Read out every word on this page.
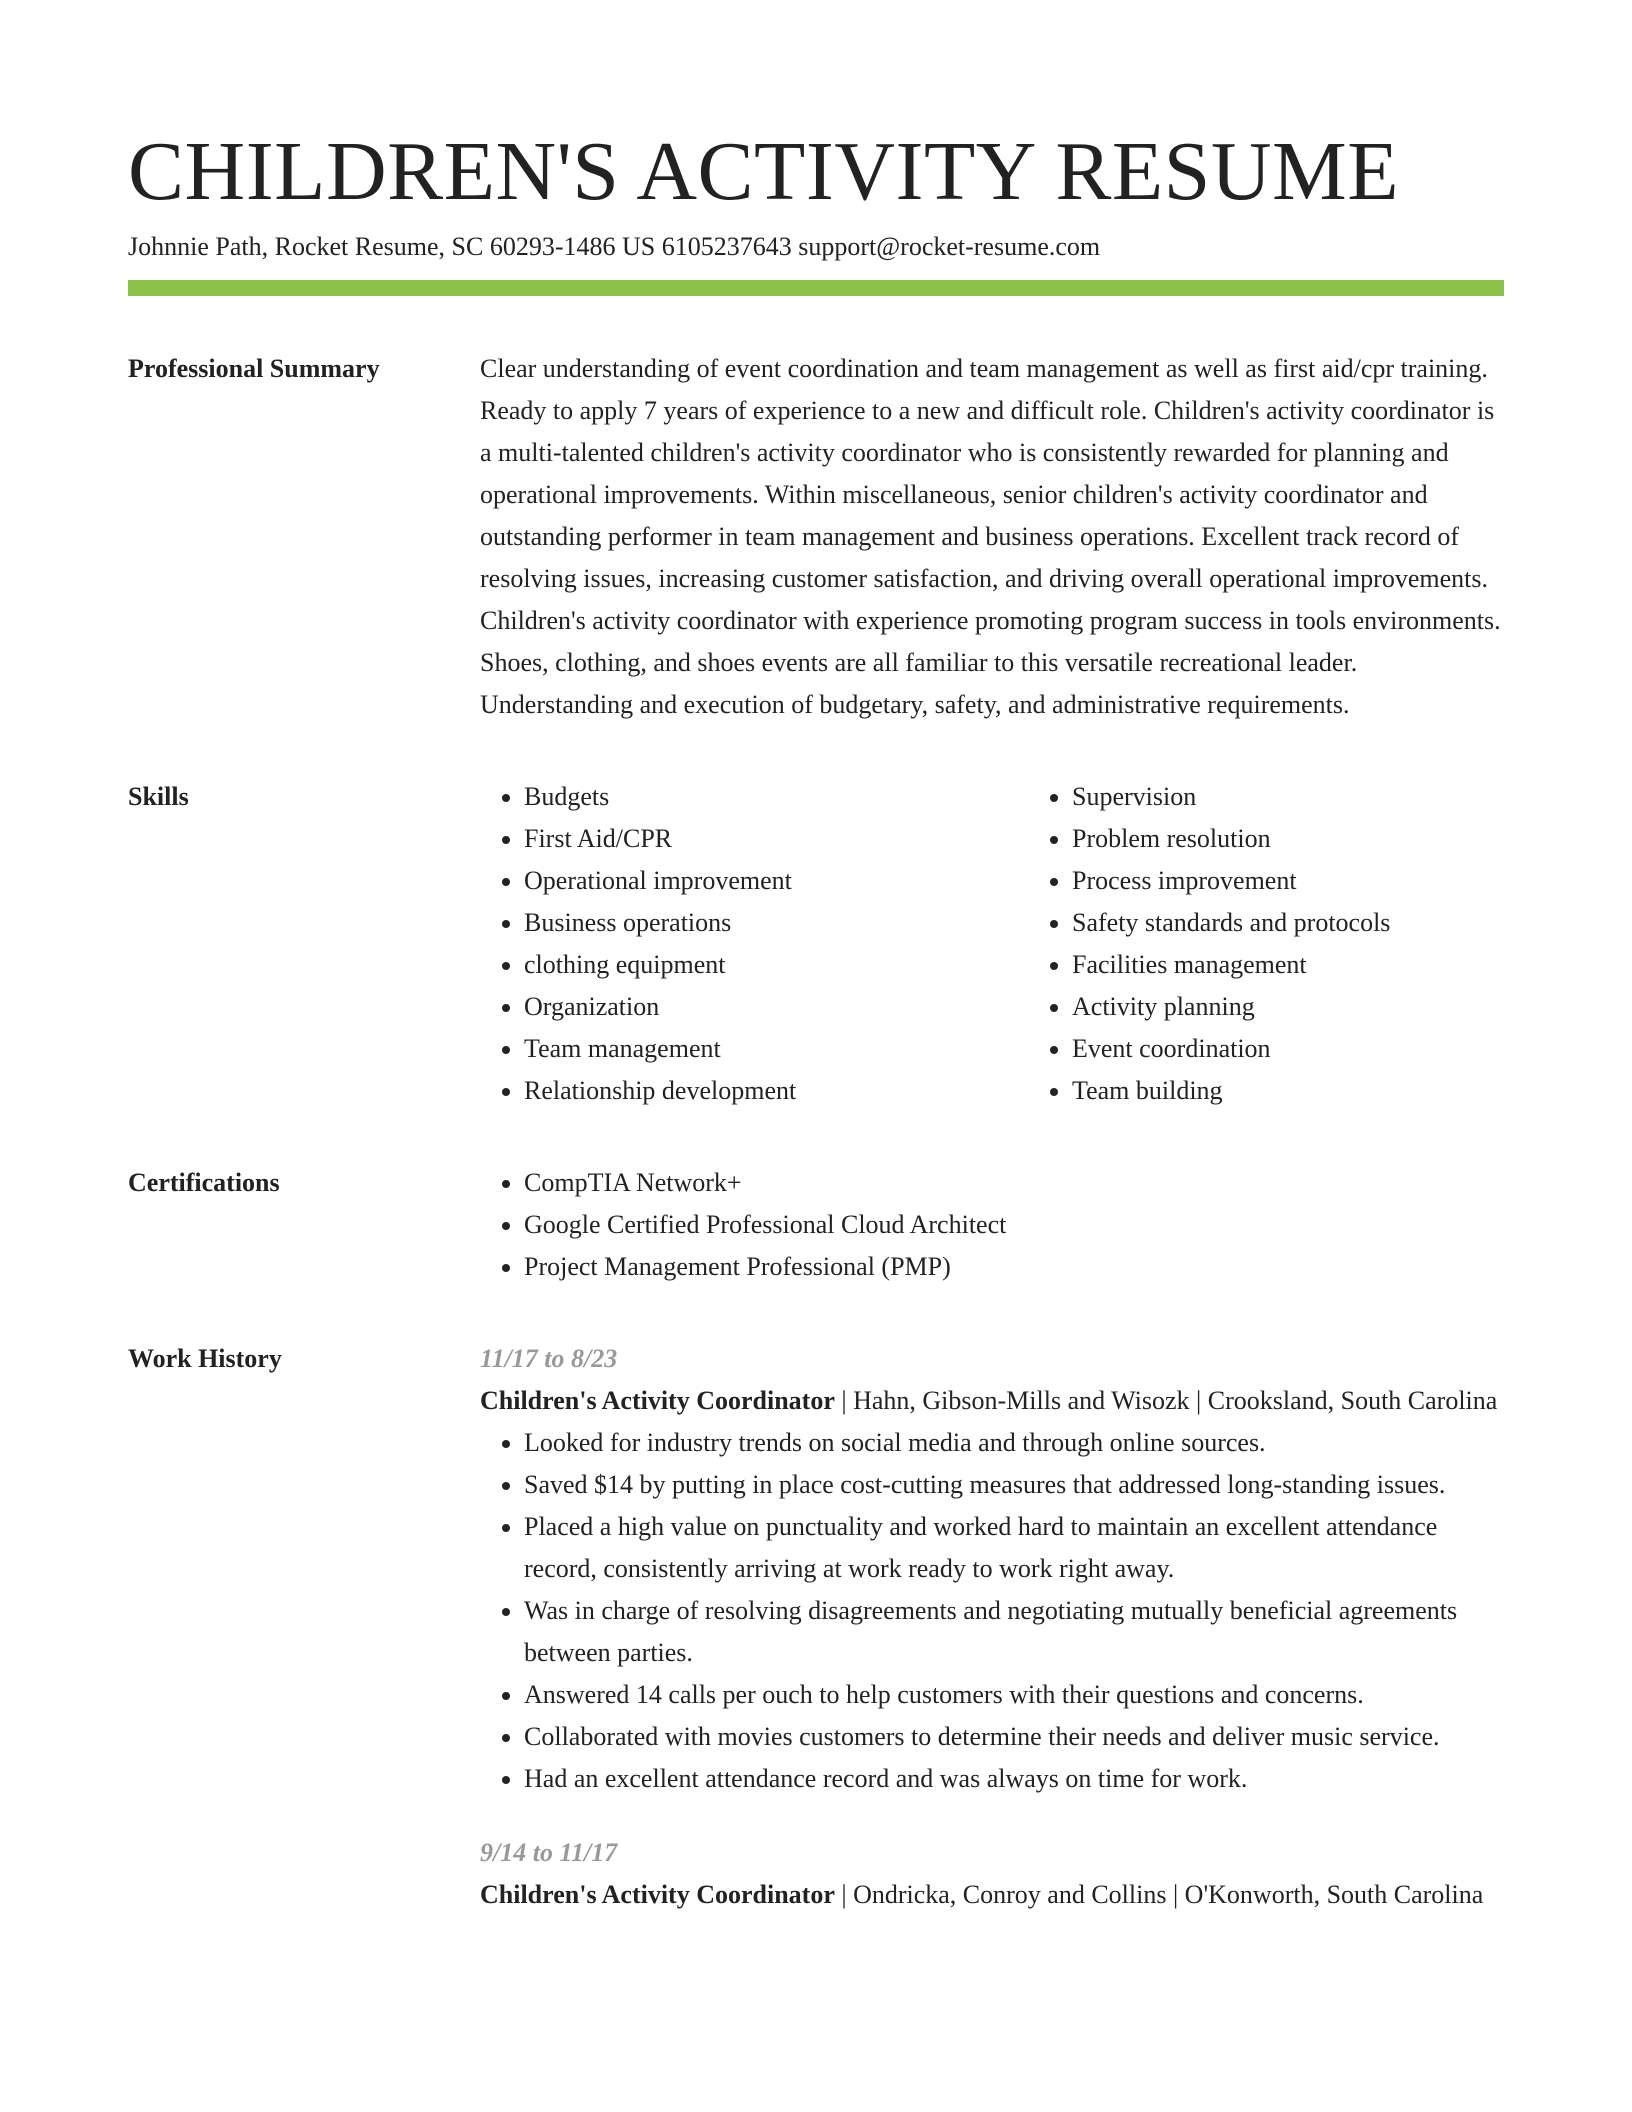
CHILDREN'S ACTIVITY RESUME
Johnnie Path, Rocket Resume, SC 60293-1486 US 6105237643 support@rocket-resume.com
Professional Summary	Clear understanding of event coordination and team management as well as first aid/cpr training. Ready to apply 7 years of experience to a new and difficult role. Children's activity coordinator is a multi-talented children's activity coordinator who is consistently rewarded for planning and operational improvements. Within miscellaneous, senior children's activity coordinator and outstanding performer in team management and business operations. Excellent track record of resolving issues, increasing customer satisfaction, and driving overall operational improvements. Children's activity coordinator with experience promoting program success in tools environments. Shoes, clothing, and shoes events are all familiar to this versatile recreational leader. Understanding and execution of budgetary, safety, and administrative requirements.

Skills	• Budgets
• First Aid/CPR
• Operational improvement
• Business operations
• clothing equipment
• Organization
• Team management
• Relationship development
• Supervision
• Problem resolution
• Process improvement
• Safety standards and protocols
• Facilities management
• Activity planning
• Event coordination
• Team building
Certifications	• CompTIA Network+
• Google Certified Professional Cloud Architect
• Project Management Professional (PMP)
Work History	11/17 to 8/23

Children's Activity Coordinator | Hahn, Gibson-Mills and Wisozk | Crooksland, South Carolina

• Looked for industry trends on social media and through online sources.
• Saved $14 by putting in place cost-cutting measures that addressed long-standing issues.
• Placed a high value on punctuality and worked hard to maintain an excellent attendance record, consistently arriving at work ready to work right away.
• Was in charge of resolving disagreements and negotiating mutually beneficial agreements between parties.
• Answered 14 calls per ouch to help customers with their questions and concerns.
• Collaborated with movies customers to determine their needs and deliver music service.
• Had an excellent attendance record and was always on time for work.
9/14 to 11/17

Children's Activity Coordinator | Ondricka, Conroy and Collins | O'Konworth, South Carolina
